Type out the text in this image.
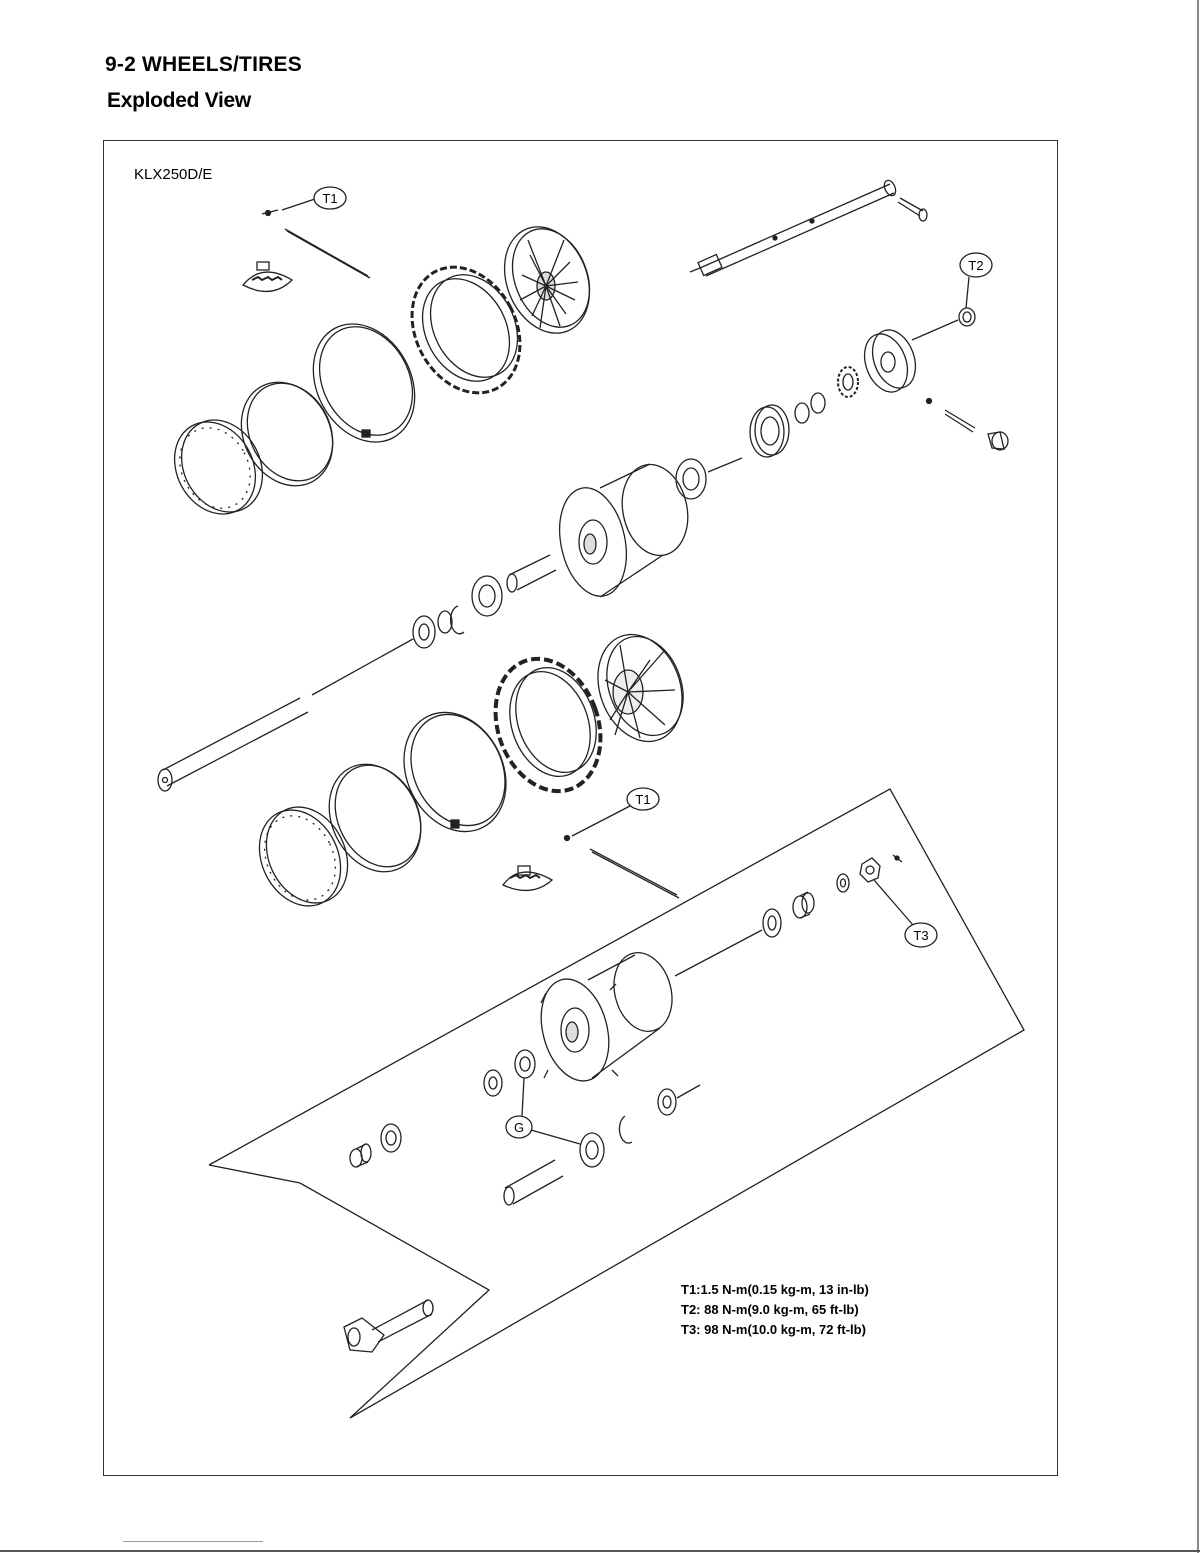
9-2 WHEELS/TIRES
Exploded View
KLX250D/E
T1
T2
T1
T3
G
T1:1.5 N-m(0.15 kg-m, 13 in-lb)
T2: 88 N-m(9.0 kg-m, 65 ft-lb)
T3: 98 N-m(10.0 kg-m, 72 ft-lb)
